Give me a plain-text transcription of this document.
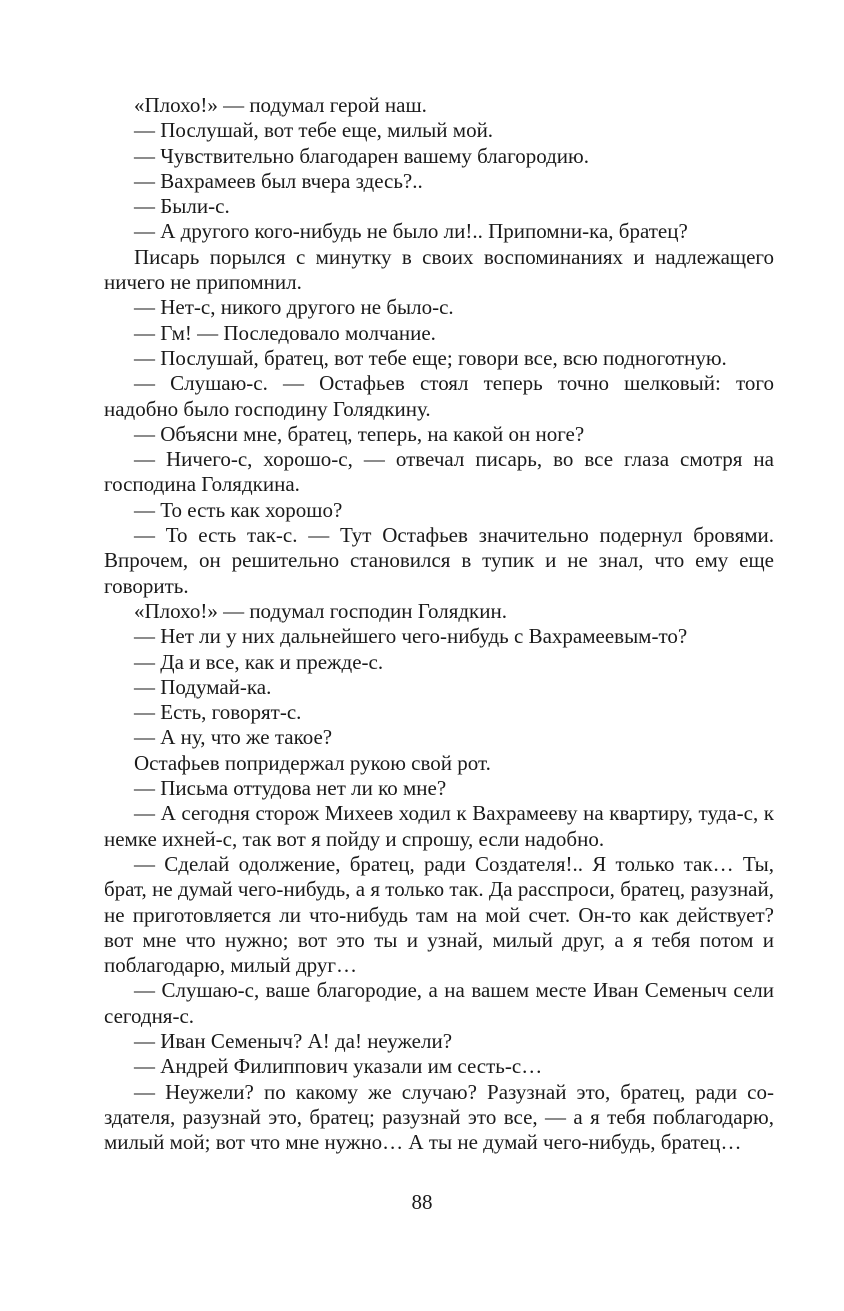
«Плохо!» — подумал герой наш.

— Послушай, вот тебе еще, милый мой.

— Чувствительно благодарен вашему благородию.

— Вахрамеев был вчера здесь?..

— Были-с.

— А другого кого-нибудь не было ли!.. Припомни-ка, братец?

Писарь порылся с минутку в своих воспоминаниях и надлежащего ничего не припомнил.

— Нет-с, никого другого не было-с.

— Гм! — Последовало молчание.

— Послушай, братец, вот тебе еще; говори все, всю подноготную.

— Слушаю-с. — Остафьев стоял теперь точно шелковый: того надобно было господину Голядкину.

— Объясни мне, братец, теперь, на какой он ноге?

— Ничего-с, хорошо-с, — отвечал писарь, во все глаза смотря на господина Голядкина.

— То есть как хорошо?

— То есть так-с. — Тут Остафьев значительно подернул бровями. Впрочем, он решительно становился в тупик и не знал, что ему еще говорить.

«Плохо!» — подумал господин Голядкин.

— Нет ли у них дальнейшего чего-нибудь с Вахрамеевым-то?

— Да и все, как и прежде-с.

— Подумай-ка.

— Есть, говорят-с.

— А ну, что же такое?

Остафьев попридержал рукою свой рот.

— Письма оттудова нет ли ко мне?

— А сегодня сторож Михеев ходил к Вахрамееву на квартиру, туда-с, к немке ихней-с, так вот я пойду и спрошу, если надобно.

— Сделай одолжение, братец, ради Создателя!.. Я только так… Ты, брат, не думай чего-нибудь, а я только так. Да расспроси, братец, разузнай, не приготовляется ли что-нибудь там на мой счет. Он-то как действует? вот мне что нужно; вот это ты и узнай, милый друг, а я тебя потом и поблагодарю, милый друг…

— Слушаю-с, ваше благородие, а на вашем месте Иван Семеныч сели сегодня-с.

— Иван Семеныч? А! да! неужели?

— Андрей Филиппович указали им сесть-с…

— Неужели? по какому же случаю? Разузнай это, братец, ради создателя, разузнай это, братец; разузнай это все, — а я тебя поблагодарю, милый мой; вот что мне нужно… А ты не думай чего-нибудь, братец…

88
